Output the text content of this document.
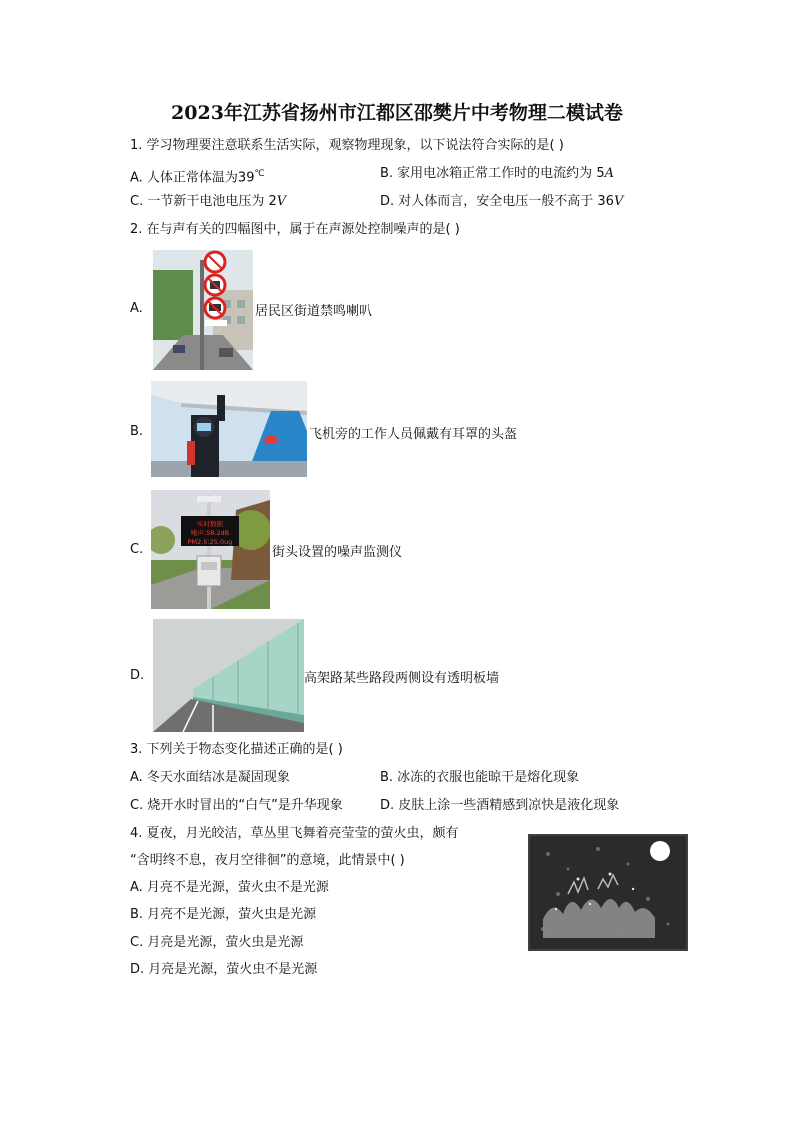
2023年江苏省扬州市江都区邵樊片中考物理二模试卷
1. 学习物理要注意联系生活实际，观察物理现象，以下说法符合实际的是( )
A. 人体正常体温为39℃	B. 家用电冰箱正常工作时的电流约为 5A
C. 一节新干电池电压为 2V	D. 对人体而言，安全电压一般不高于 36V
2. 在与声有关的四幅图中，属于在声源处控制噪声的是( )
A.	居民区街道禁鸣喇叭
B.	飞机旁的工作人员佩戴有耳罩的头盔
C.
实时数据
噪声:58.2dB
PM2.5:25.0ug
街头设置的噪声监测仪
D.	高架路某些路段两侧设有透明板墙
3. 下列关于物态变化描述正确的是( )
A. 冬天水面结冰是凝固现象	B. 冰冻的衣服也能晾干是熔化现象
C. 烧开水时冒出的“白气”是升华现象	D. 皮肤上涂一些酒精感到凉快是液化现象
4. 夏夜，月光皎洁，草丛里飞舞着亮莹莹的萤火虫，颇有
“含明终不息，夜月空徘徊”的意境，此情景中( )
A. 月亮不是光源，萤火虫不是光源
B. 月亮不是光源，萤火虫是光源
C. 月亮是光源，萤火虫是光源
D. 月亮是光源，萤火虫不是光源
